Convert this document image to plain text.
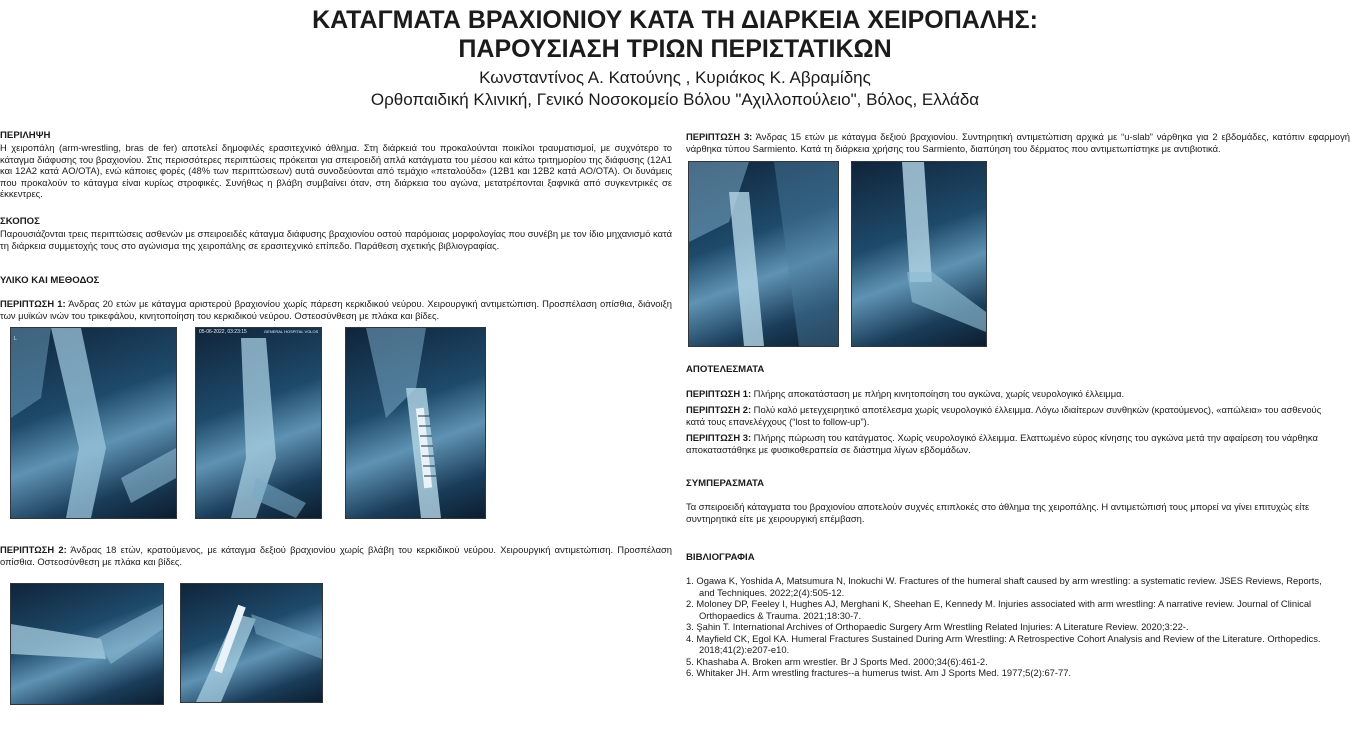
ΚΑΤΑΓΜΑΤΑ ΒΡΑΧΙΟΝΙΟΥ ΚΑΤΑ ΤΗ ΔΙΑΡΚΕΙΑ ΧΕΙΡΟΠΑΛΗΣ:
ΠΑΡΟΥΣΙΑΣΗ ΤΡΙΩΝ ΠΕΡΙΣΤΑΤΙΚΩΝ
Κωνσταντίνος Α. Κατούνης , Κυριάκος Κ. Αβραμίδης
Ορθοπαιδική Κλινική, Γενικό Νοσοκομείο Βόλου "Αχιλλοπούλειο", Βόλος, Ελλάδα
ΠΕΡΙΛΗΨΗ
Η χειροπάλη (arm-wrestling, bras de fer) αποτελεί δημοφιλές ερασιτεχνικό άθλημα. Στη διάρκειά του προκαλούνται ποικίλοι τραυματισμοί, με συχνότερο το κάταγμα διάφυσης του βραχιονίου. Στις περισσότερες περιπτώσεις πρόκειται για σπειροειδή απλά κατάγματα του μέσου και κάτω τριτημορίου της διάφυσης (12A1 και 12A2 κατά AO/OTA), ενώ κάποιες φορές (48% των περιπτώσεων) αυτά συνοδεύονται από τεμάχιο «πεταλούδα» (12B1 και 12B2 κατά AO/OTA). Οι δυνάμεις που προκαλούν το κάταγμα είναι κυρίως στροφικές. Συνήθως η βλάβη συμβαίνει όταν, στη διάρκεια του αγώνα, μετατρέπονται ξαφνικά από συγκεντρικές σε έκκεντρες.
ΣΚΟΠΟΣ
Παρουσιάζονται τρεις περιπτώσεις ασθενών με σπειροειδές κάταγμα διάφυσης βραχιονίου οστού παρόμοιας μορφολογίας που συνέβη με τον ίδιο μηχανισμό κατά τη διάρκεια συμμετοχής τους στο αγώνισμα της χειροπάλης σε ερασιτεχνικό επίπεδο. Παράθεση σχετικής βιβλιογραφίας.
ΥΛΙΚΟ ΚΑΙ ΜΕΘΟΔΟΣ
ΠΕΡΙΠΤΩΣΗ 1: Άνδρας 20 ετών με κάταγμα αριστερού βραχιονίου χωρίς πάρεση κερκιδικού νεύρου. Χειρουργική αντιμετώπιση. Προσπέλαση οπίσθια, διάνοιξη των μυϊκών ινών του τρικεφάλου, κινητοποίηση του κερκιδικού νεύρου. Οστεοσύνθεση με πλάκα και βίδες.
L
05-06-2022, 03:23:15	GENERAL HOSPITAL VOLOS
ΠΕΡΙΠΤΩΣΗ 2: Άνδρας 18 ετών, κρατούμενος, με κάταγμα δεξιού βραχιονίου χωρίς βλάβη του κερκιδικού νεύρου. Χειρουργική αντιμετώπιση. Προσπέλαση οπίσθια. Οστεοσύνθεση με πλάκα και βίδες.
ΠΕΡΙΠΤΩΣΗ 3: Άνδρας 15 ετών με κάταγμα δεξιού βραχιονίου. Συντηρητική αντιμετώπιση αρχικά με “u-slab” νάρθηκα για 2 εβδομάδες, κατόπιν εφαρμογή νάρθηκα τύπου Sarmiento. Κατά τη διάρκεια χρήσης του Sarmiento, διαπύηση του δέρματος που αντιμετωπίστηκε με αντιβιοτικά.
ΑΠΟΤΕΛΕΣΜΑΤΑ
ΠΕΡΙΠΤΩΣΗ 1: Πλήρης αποκατάσταση με πλήρη κινητοποίηση του αγκώνα, χωρίς νευρολογικό έλλειμμα.
ΠΕΡΙΠΤΩΣΗ 2: Πολύ καλό μετεγχειρητικό αποτέλεσμα χωρίς νευρολογικό έλλειμμα. Λόγω ιδιαίτερων συνθηκών (κρατούμενος), «απώλεια» του ασθενούς
κατά τους επανελέγχους (“lost to follow-up”).
ΠΕΡΙΠΤΩΣΗ 3: Πλήρης πώρωση του κατάγματος. Χωρίς νευρολογικό έλλειμμα. Ελαττωμένο εύρος κίνησης του αγκώνα μετά την αφαίρεση του νάρθηκα
αποκαταστάθηκε με φυσικοθεραπεία σε διάστημα λίγων εβδομάδων.
ΣΥΜΠΕΡΑΣΜΑΤΑ
Τα σπειροειδή κάταγματα του βραχιονίου αποτελούν συχνές επιπλοκές στο άθλημα της χειροπάλης. Η αντιμετώπισή τους μπορεί να γίνει επιτυχώς είτε
συντηρητικά είτε με χειρουργική επέμβαση.
ΒΙΒΛΙΟΓΡΑΦΙΑ
1. Ogawa K, Yoshida A, Matsumura N, Inokuchi W. Fractures of the humeral shaft caused by arm wrestling: a systematic review. JSES Reviews, Reports,
and Techniques. 2022;2(4):505-12.
2. Moloney DP, Feeley I, Hughes AJ, Merghani K, Sheehan E, Kennedy M. Injuries associated with arm wrestling: A narrative review. Journal of Clinical
Orthopaedics & Trauma. 2021;18:30-7.
3. Şahin T. International Archives of Orthopaedic Surgery Arm Wrestling Related Injuries: A Literature Review. 2020;3:22-.
4. Mayfield CK, Egol KA. Humeral Fractures Sustained During Arm Wrestling: A Retrospective Cohort Analysis and Review of the Literature. Orthopedics.
2018;41(2):e207-e10.
5. Khashaba A. Broken arm wrestler. Br J Sports Med. 2000;34(6):461-2.
6. Whitaker JH. Arm wrestling fractures--a humerus twist. Am J Sports Med. 1977;5(2):67-77.
